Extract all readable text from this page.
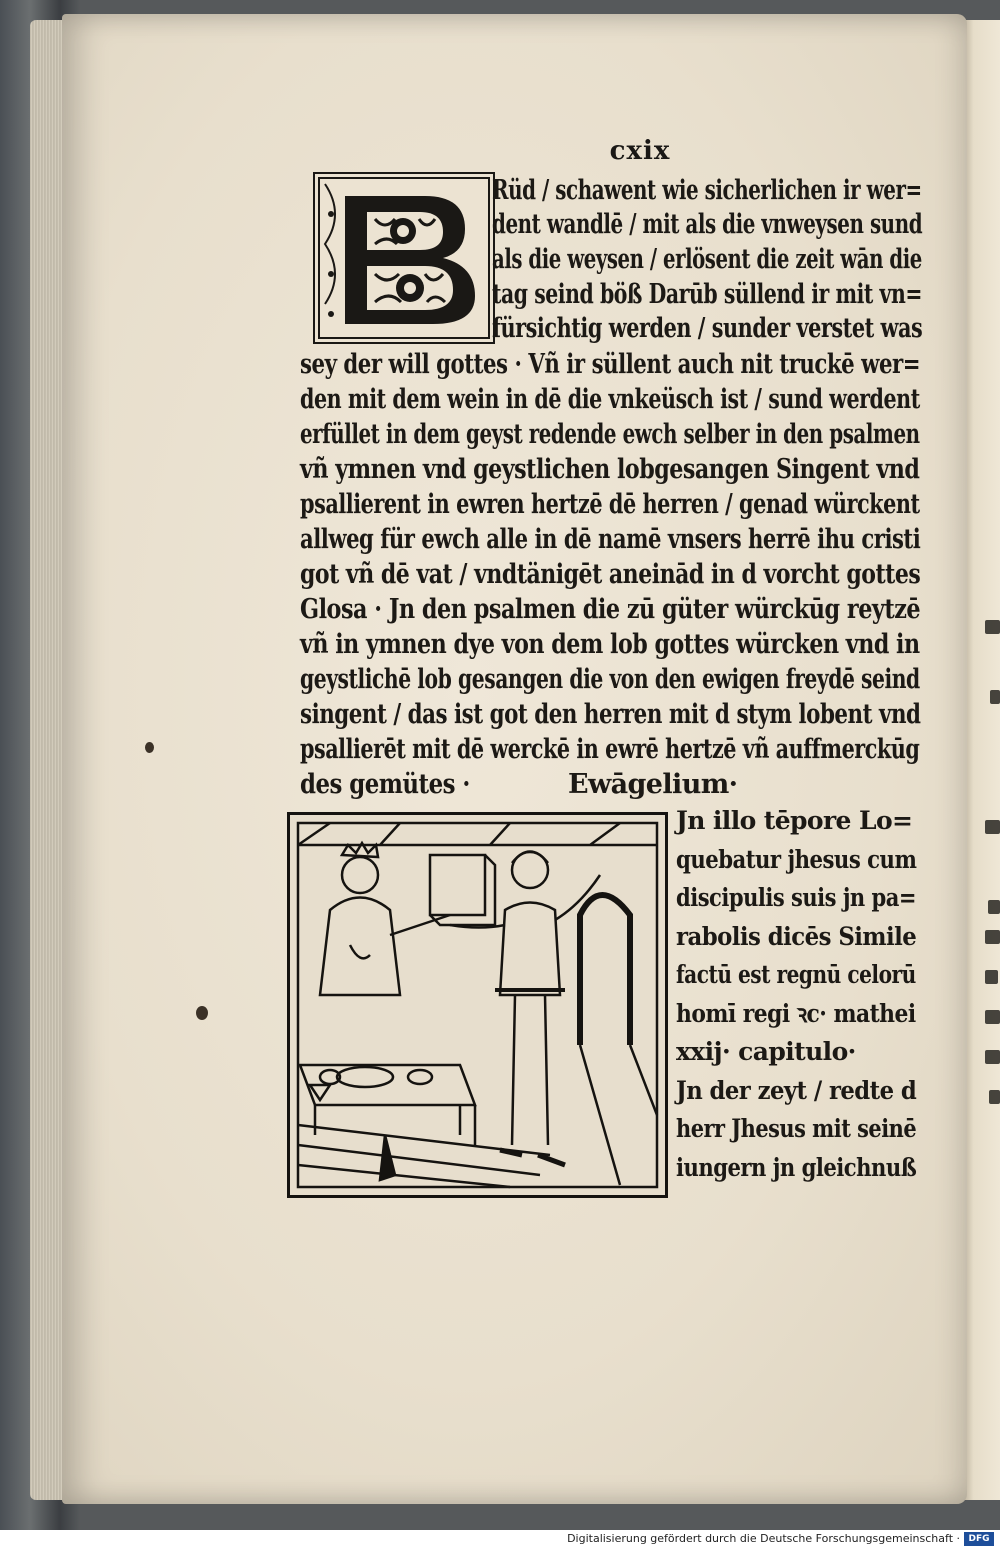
cxix
Rüd / schawent wie sicherlichen ir wer=
dent wandlē / mit als die vnweysen sund
als die weysen / erlösent die zeit wān die
tag seind böß Darūb süllend ir mit vn=
fürsichtig werden / sunder verstet was
sey der will gottes · Vñ ir süllent auch nit truckē wer=
den mit dem wein in dē die vnkeüsch ist / sund werdent
erfüllet in dem geyst redende ewch selber in den psalmen
vñ ymnen vnd geystlichen lobgesangen Singent vnd
psallierent in ewren hertzē dē herren / genad würckent
allweg für ewch alle in dē namē vnsers herrē ihu cristi
got vñ dē vat / vndtänigēt aneinād in d vorcht gottes
Glosa · Jn den psalmen die zū güter würckūg reytzē
vñ in ymnen dye von dem lob gottes würcken vnd in
geystlichē lob gesangen die von den ewigen freydē seind
singent / das ist got den herren mit d stym lobent vnd
psallierēt mit dē werckē in ewrē hertzē vñ auffmerckūg
des gemütes ·	Ewāgelium·
Jn illo tēpore Lo=
quebatur jhesus cum
discipulis suis jn pa=
rabolis dicēs Simile
factū est regnū celorū
homī regi ꝛc· mathei
xxij· capitulo·
Jn der zeyt / redte d
herr Jhesus mit seinē
iungern jn gleichnuß
Digitalisierung gefördert durch die Deutsche Forschungsgemeinschaft · DFG
